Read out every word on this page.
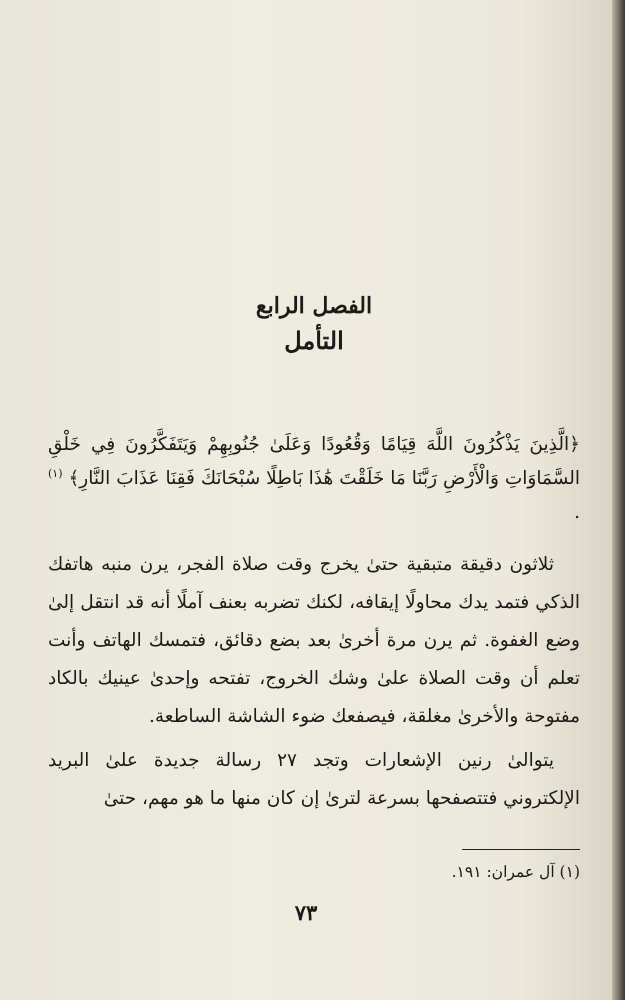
الفصل الرابع
التأمل
﴿الَّذِينَ يَذْكُرُونَ اللَّهَ قِيَامًا وَقُعُودًا وَعَلَىٰ جُنُوبِهِمْ وَيَتَفَكَّرُونَ فِي خَلْقِ السَّمَاوَاتِ وَالْأَرْضِ رَبَّنَا مَا خَلَقْتَ هَٰذَا بَاطِلًا سُبْحَانَكَ فَقِنَا عَذَابَ النَّارِ﴾ $^{(١)}$ .

ثلاثون دقيقة متبقية حتىٰ يخرج وقت صلاة الفجر، يرن منبه هاتفك الذكي فتمد يدك محاولًا إيقافه، لكنك تضربه بعنف آملًا أنه قد انتقل إلىٰ وضع الغفوة. ثم يرن مرة أخرىٰ بعد بضع دقائق، فتمسك الهاتف وأنت تعلم أن وقت الصلاة علىٰ وشك الخروج، تفتحه وإحدىٰ عينيك بالكاد مفتوحة والأخرىٰ مغلقة، فيصفعك ضوء الشاشة الساطعة.

يتوالىٰ رنين الإشعارات وتجد ٢٧ رسالة جديدة علىٰ البريد الإلكتروني فتتصفحها بسرعة لترىٰ إن كان منها ما هو مهم، حتىٰ

(١) آل عمران: ١٩١.
٧٣
